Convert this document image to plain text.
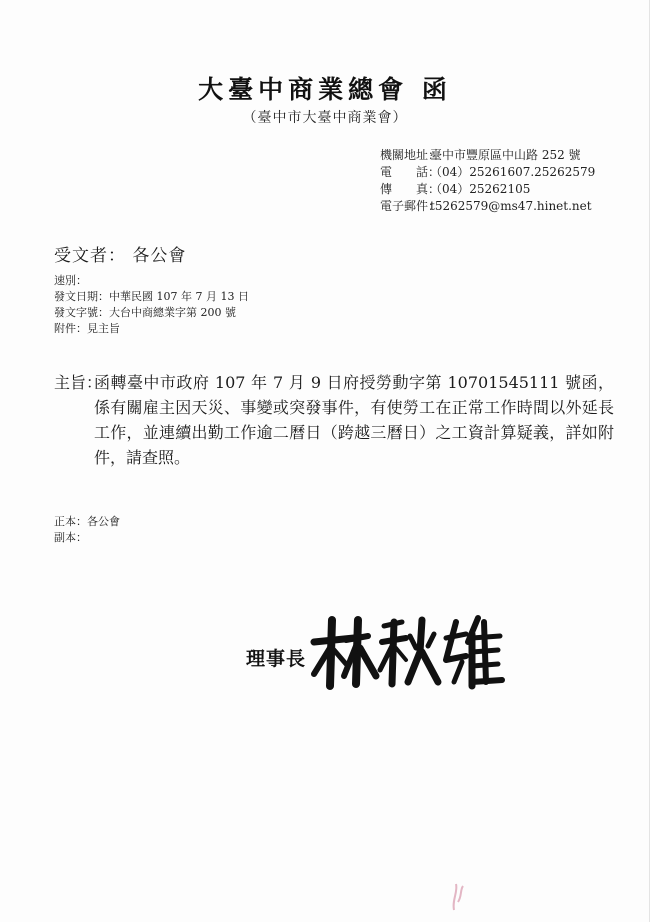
大臺中商業總會 函
（臺中市大臺中商業會）
機關地址：臺中市豐原區中山路 252 號
電　　話：（04）25261607.25262579
傳　　真：（04）25262105
電子郵件：t5262579@ms47.hinet.net
受文者： 各公會
速別：
發文日期：中華民國 107 年 7 月 13 日
發文字號：大台中商總業字第 200 號
附件：見主旨
主旨：
函轉臺中市政府 107 年 7 月 9 日府授勞動字第 10701545111 號函，係有關雇主因天災、事變或突發事件，有使勞工在正常工作時間以外延長工作，並連續出勤工作逾二曆日（跨越三曆日）之工資計算疑義，詳如附件，請查照。
正本：各公會
副本：
理事長
